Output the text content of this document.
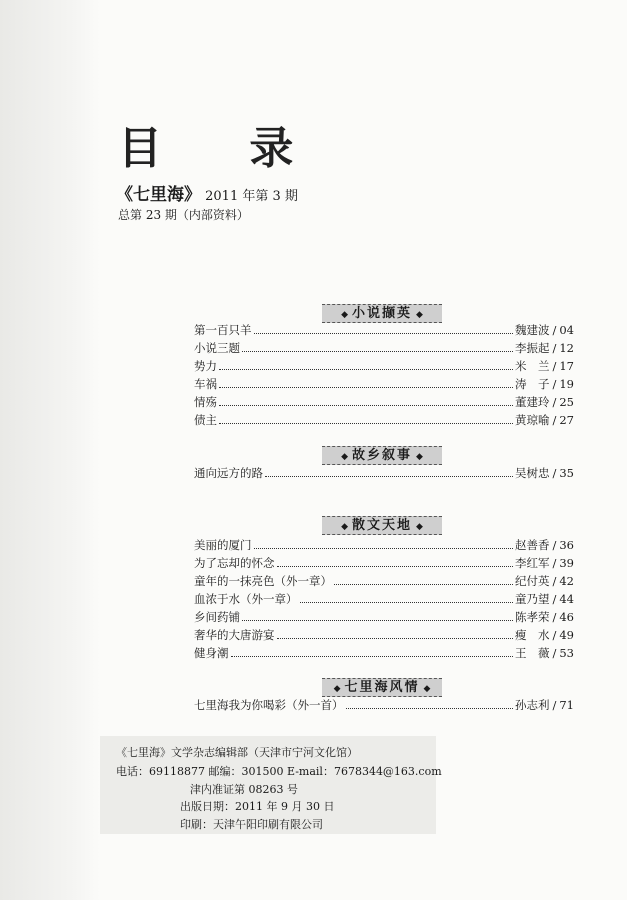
目 录
《七里海》 2011 年第 3 期
总第 23 期（内部资料）
◆ 小说撷英 ◆
第一百只羊	魏建波 / 04
小说三题	李振起 / 12
势力	米　兰 / 17
车祸	涛　子 / 19
情殇	董建玲 / 25
债主	黄琼喻 / 27
◆ 故乡叙事 ◆
通向远方的路	吴树忠 / 35
◆ 散文天地 ◆
美丽的厦门	赵善香 / 36
为了忘却的怀念	李红军 / 39
童年的一抹亮色（外一章）	纪付英 / 42
血浓于水（外一章）	童乃望 / 44
乡间药铺	陈孝荣 / 46
奢华的大唐游宴	瘦　水 / 49
健身潮	王　薇 / 53
◆ 七里海风情 ◆
七里海我为你喝彩（外一首）	孙志利 / 71
《七里海》文学杂志编辑部（天津市宁河文化馆）
电话：69118877 邮编：301500 E-mail：7678344@163.com
津内准证第 08263 号
出版日期：2011 年 9 月 30 日
印刷：天津午阳印刷有限公司
